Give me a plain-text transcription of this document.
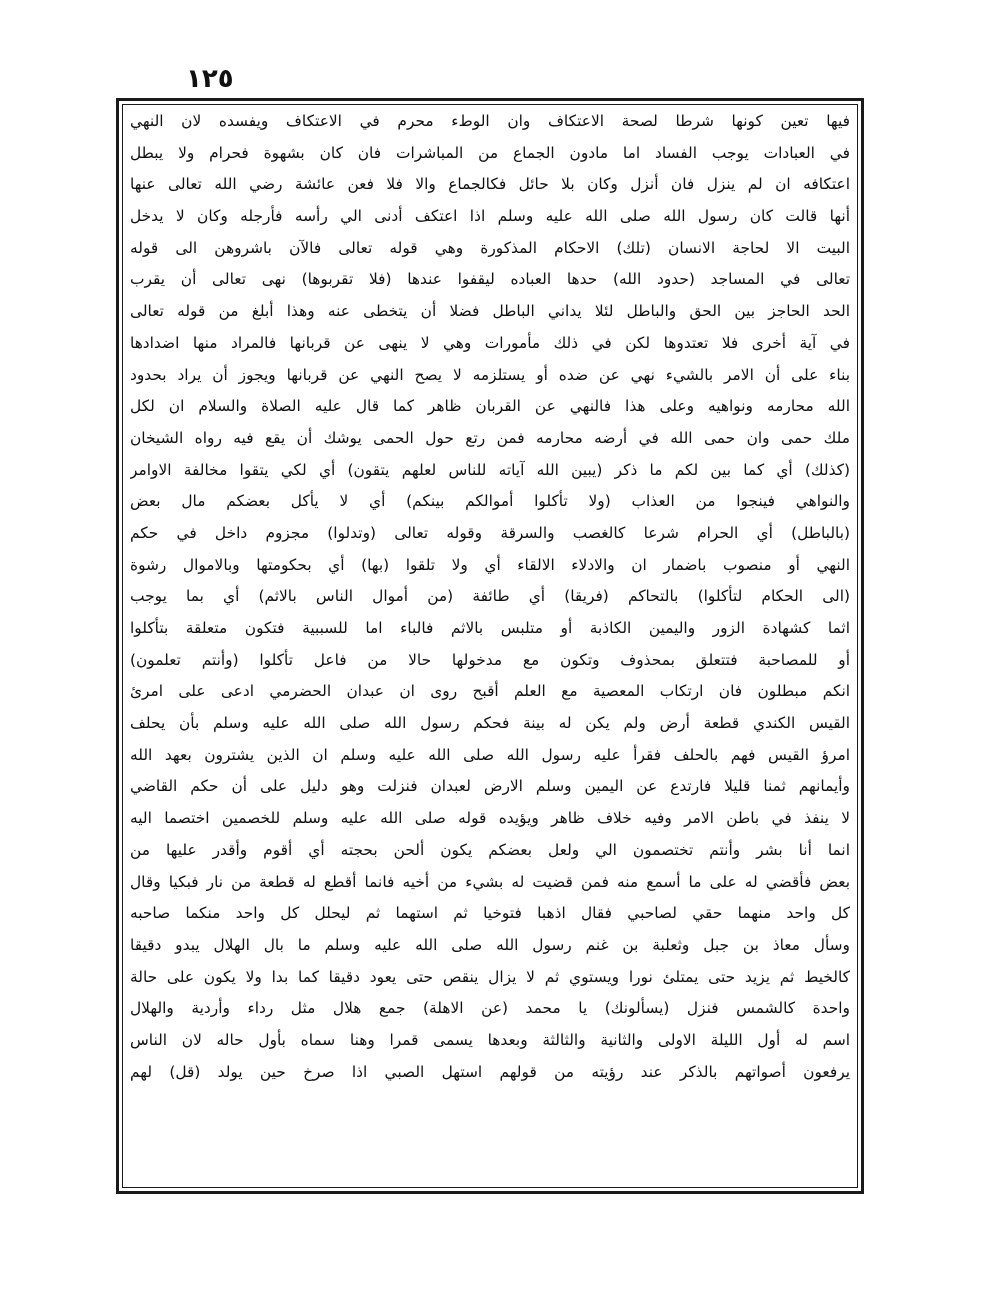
١٢٥
فيها تعين كونها شرطا لصحة الاعتكاف وان الوطء محرم في الاعتكاف ويفسده لان النهي
في العبادات يوجب الفساد اما مادون الجماع من المباشرات فان كان بشهوة فحرام ولا يبطل
اعتكافه ان لم ينزل فان أنزل وكان بلا حائل فكالجماع والا فلا فعن عائشة رضي الله تعالى عنها
أنها قالت كان رسول الله صلى الله عليه وسلم اذا اعتكف أدنى الي رأسه فأرجله وكان لا يدخل
البيت الا لحاجة الانسان (تلك) الاحكام المذكورة وهي قوله تعالى فالآن باشروهن الى قوله
تعالى في المساجد (حدود الله) حدها العباده ليقفوا عندها (فلا تقربوها) نهى تعالى أن يقرب
الحد الحاجز بين الحق والباطل لئلا يداني الباطل فضلا أن يتخطى عنه وهذا أبلغ من قوله تعالى
في آية أخرى فلا تعتدوها لكن في ذلك مأمورات وهي لا ينهى عن قربانها فالمراد منها اضدادها
بناء على أن الامر بالشيء نهي عن ضده أو يستلزمه لا يصح النهي عن قربانها ويجوز أن يراد بحدود
الله محارمه ونواهيه وعلى هذا فالنهي عن القربان ظاهر كما قال عليه الصلاة والسلام ان لكل
ملك حمى وان حمى الله في أرضه محارمه فمن رتع حول الحمى يوشك أن يقع فيه رواه الشيخان
(كذلك) أي كما بين لكم ما ذكر (يبين الله آياته للناس لعلهم يتقون) أي لكي يتقوا مخالفة الاوامر
والنواهي فينجوا من العذاب (ولا تأكلوا أموالكم بينكم) أي لا يأكل بعضكم مال بعض
(بالباطل) أي الحرام شرعا كالغصب والسرقة وقوله تعالى (وتدلوا) مجزوم داخل في حكم
النهي أو منصوب باضمار ان والادلاء الالقاء أي ولا تلقوا (بها) أي بحكومتها وبالاموال رشوة
(الى الحكام لتأكلوا) بالتحاكم (فريقا) أي طائفة (من أموال الناس بالاثم) أي بما يوجب
اثما كشهادة الزور واليمين الكاذبة أو متلبس بالاثم فالباء اما للسببية فتكون متعلقة بتأكلوا
أو للمصاحبة فتتعلق بمحذوف وتكون مع مدخولها حالا من فاعل تأكلوا (وأنتم تعلمون)
انكم مبطلون فان ارتكاب المعصية مع العلم أقبح روى ان عبدان الحضرمي ادعى على امرئ
القيس الكندي قطعة أرض ولم يكن له بينة فحكم رسول الله صلى الله عليه وسلم بأن يحلف
امرؤ القيس فهم بالحلف فقرأ عليه رسول الله صلى الله عليه وسلم ان الذين يشترون بعهد الله
وأيمانهم ثمنا قليلا فارتدع عن اليمين وسلم الارض لعبدان فنزلت وهو دليل على أن حكم القاضي
لا ينفذ في باطن الامر وفيه خلاف ظاهر ويؤيده قوله صلى الله عليه وسلم للخصمين اختصما اليه
انما أنا بشر وأنتم تختصمون الي ولعل بعضكم يكون ألحن بحجته أي أقوم وأقدر عليها من
بعض فأقضي له على ما أسمع منه فمن قضيت له بشيء من أخيه فانما أقطع له قطعة من نار فبكيا وقال
كل واحد منهما حقي لصاحبي فقال اذهبا فتوخيا ثم استهما ثم ليحلل كل واحد منكما صاحبه
وسأل معاذ بن جبل وثعلبة بن غنم رسول الله صلى الله عليه وسلم ما بال الهلال يبدو دقيقا
كالخيط ثم يزيد حتى يمتلئ نورا ويستوي ثم لا يزال ينقص حتى يعود دقيقا كما بدا ولا يكون على حالة
واحدة كالشمس فنزل (يسألونك) يا محمد (عن الاهلة) جمع هلال مثل رداء وأردية والهلال
اسم له أول الليلة الاولى والثانية والثالثة وبعدها يسمى قمرا وهنا سماه بأول حاله لان الناس
يرفعون أصواتهم بالذكر عند رؤيته من قولهم استهل الصبي اذا صرخ حين يولد (قل) لهم
